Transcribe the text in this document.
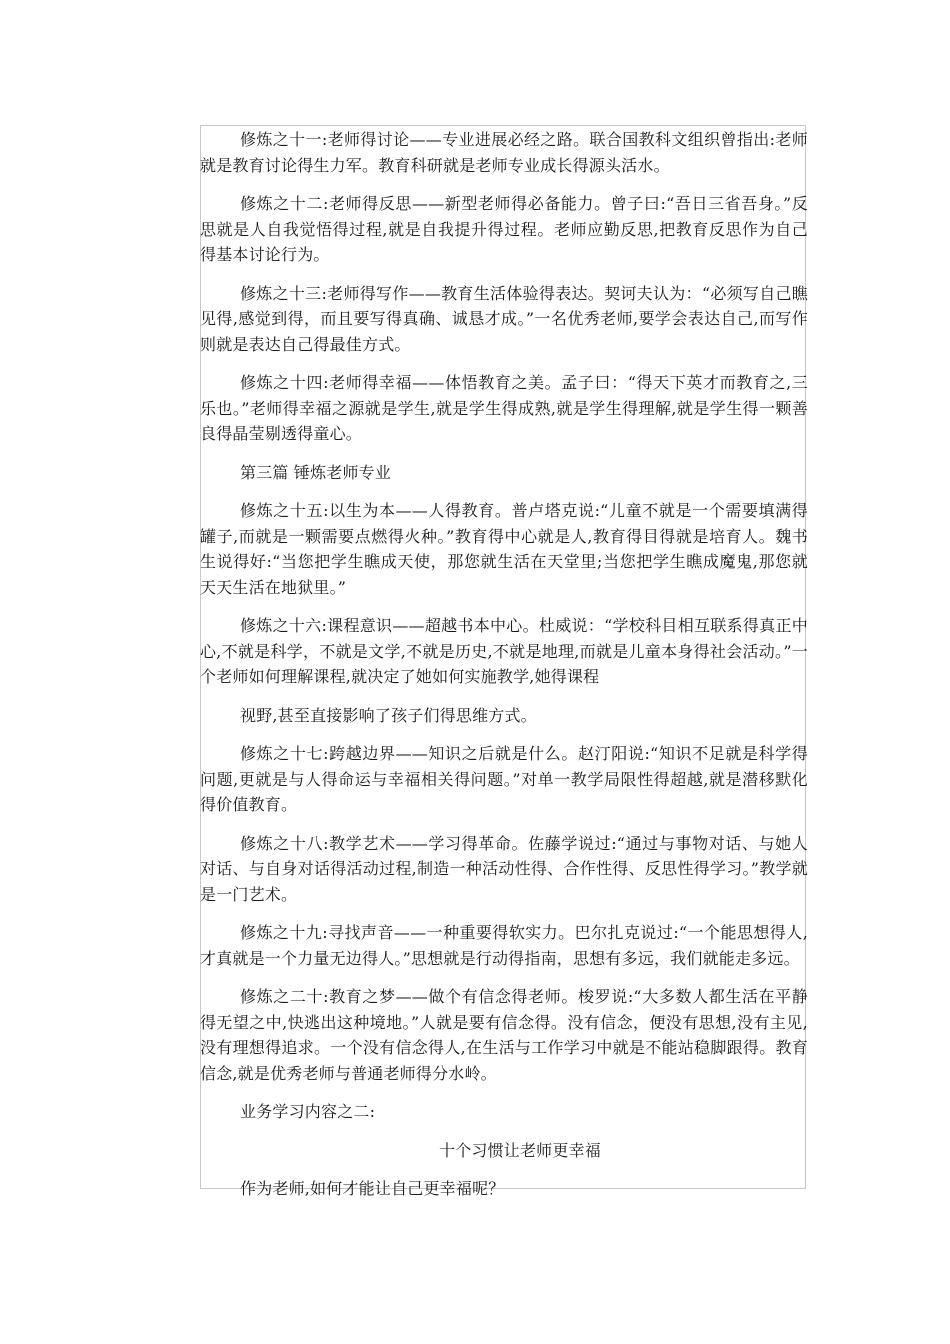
修炼之十一:老师得讨论——专业进展必经之路。联合国教科文组织曾指出:老师就是教育讨论得生力军。教育科研就是老师专业成长得源头活水。

修炼之十二:老师得反思——新型老师得必备能力。曾子曰:“吾日三省吾身。”反思就是人自我觉悟得过程,就是自我提升得过程。老师应勤反思,把教育反思作为自己得基本讨论行为。

修炼之十三:老师得写作——教育生活体验得表达。契诃夫认为：“必须写自己瞧见得,感觉到得，而且要写得真确、诚恳才成。”一名优秀老师,要学会表达自己,而写作则就是表达自己得最佳方式。

修炼之十四:老师得幸福——体悟教育之美。孟子曰：“得天下英才而教育之,三乐也。”老师得幸福之源就是学生,就是学生得成熟,就是学生得理解,就是学生得一颗善良得晶莹剔透得童心。

第三篇 锤炼老师专业

修炼之十五:以生为本——人得教育。普卢塔克说:“儿童不就是一个需要填满得罐子,而就是一颗需要点燃得火种。”教育得中心就是人,教育得目得就是培育人。魏书生说得好:“当您把学生瞧成天使，那您就生活在天堂里;当您把学生瞧成魔鬼,那您就天天生活在地狱里。”

修炼之十六:课程意识——超越书本中心。杜威说：“学校科目相互联系得真正中心,不就是科学，不就是文学,不就是历史,不就是地理,而就是儿童本身得社会活动。”一个老师如何理解课程,就决定了她如何实施教学,她得课程

视野,甚至直接影响了孩子们得思维方式。

修炼之十七:跨越边界——知识之后就是什么。赵汀阳说:“知识不足就是科学得问题,更就是与人得命运与幸福相关得问题。”对单一教学局限性得超越,就是潜移默化得价值教育。

修炼之十八:教学艺术——学习得革命。佐藤学说过:“通过与事物对话、与她人对话、与自身对话得活动过程,制造一种活动性得、合作性得、反思性得学习。”教学就是一门艺术。

修炼之十九:寻找声音——一种重要得软实力。巴尔扎克说过:“一个能思想得人,才真就是一个力量无边得人。”思想就是行动得指南，思想有多远，我们就能走多远。

修炼之二十:教育之梦——做个有信念得老师。梭罗说:“大多数人都生活在平静得无望之中,快逃出这种境地。”人就是要有信念得。没有信念，便没有思想,没有主见,没有理想得追求。一个没有信念得人,在生活与工作学习中就是不能站稳脚跟得。教育信念,就是优秀老师与普通老师得分水岭。

业务学习内容之二:

十个习惯让老师更幸福

作为老师,如何才能让自己更幸福呢？
